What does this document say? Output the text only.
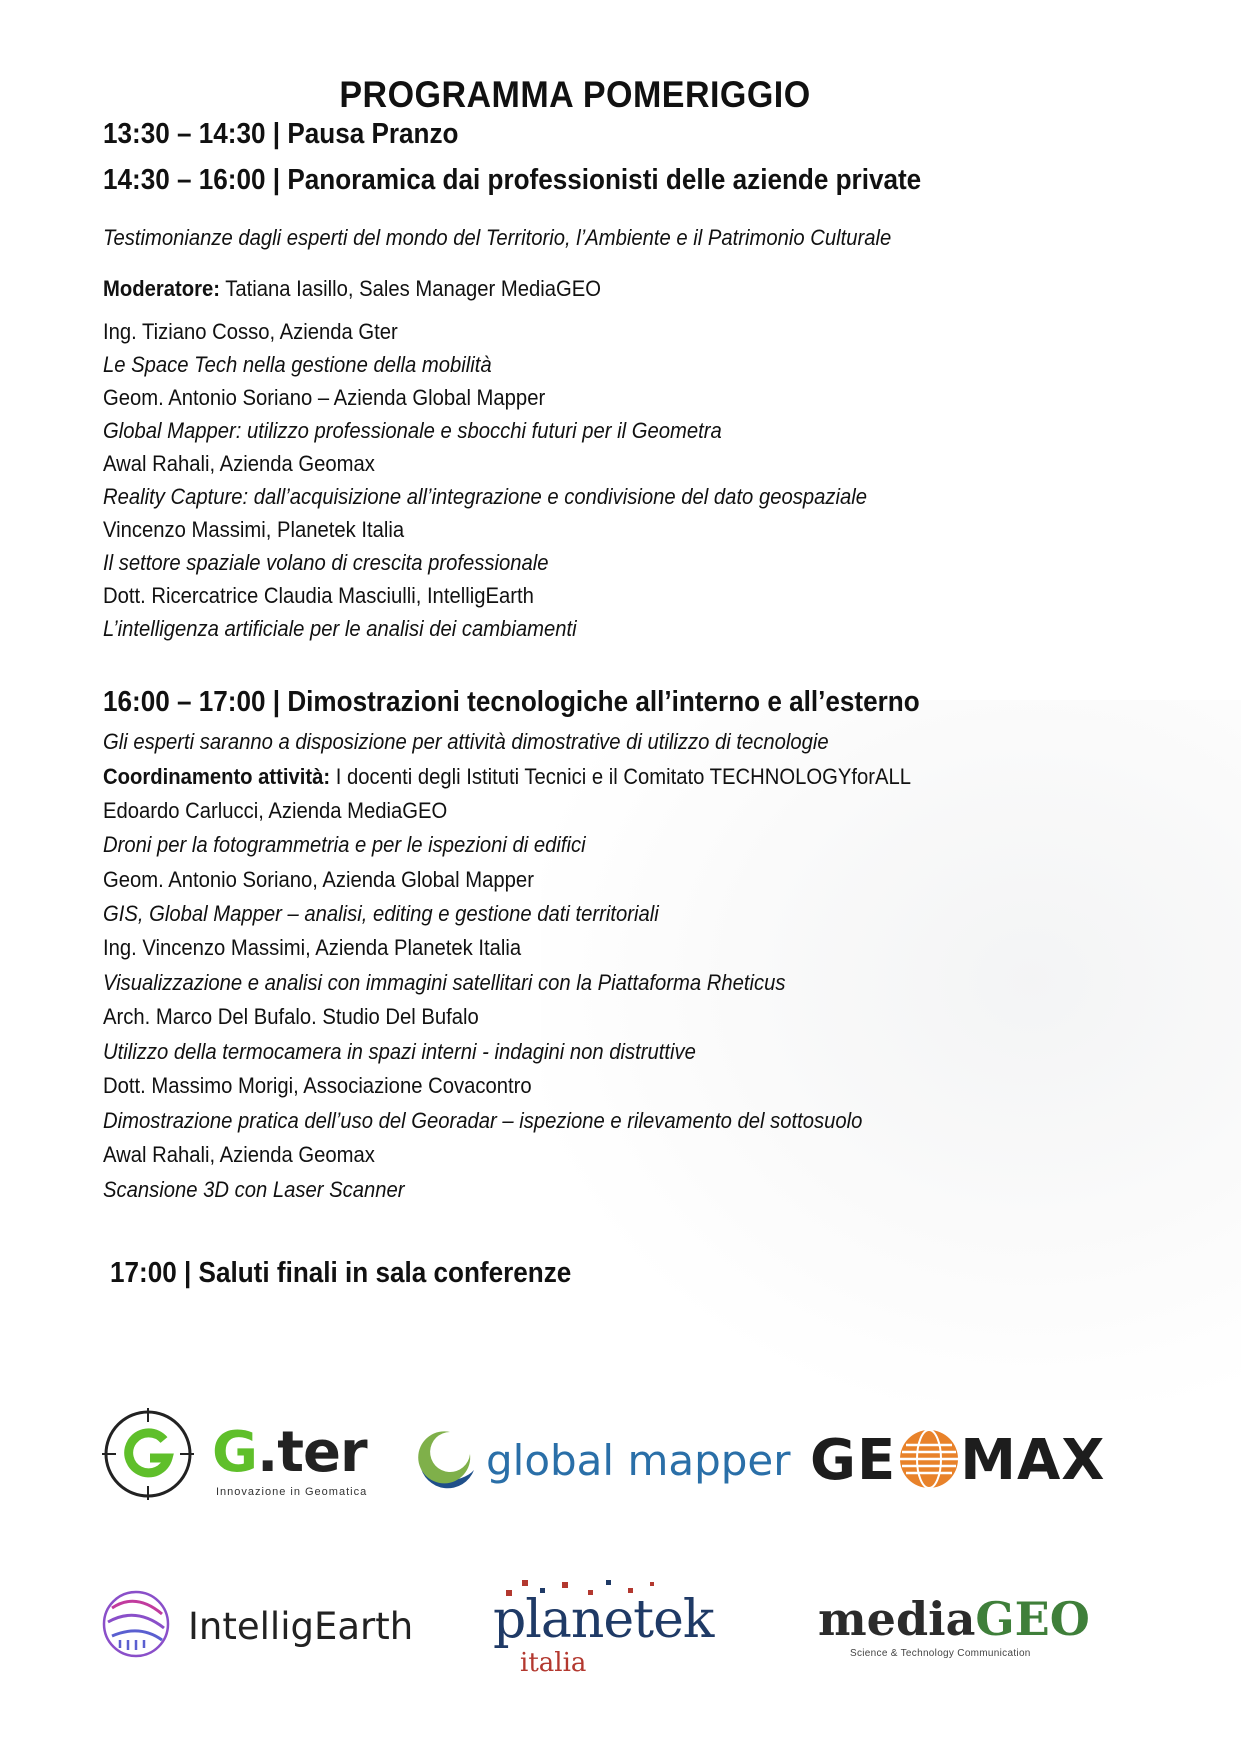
PROGRAMMA POMERIGGIO
13:30 – 14:30 | Pausa Pranzo
14:30 – 16:00 | Panoramica dai professionisti delle aziende private
Testimonianze dagli esperti del mondo del Territorio, l’Ambiente e il Patrimonio Culturale
Moderatore: Tatiana Iasillo, Sales Manager MediaGEO
Ing. Tiziano Cosso, Azienda Gter
Le Space Tech nella gestione della mobilità
Geom. Antonio Soriano – Azienda Global Mapper
Global Mapper: utilizzo professionale e sbocchi futuri per il Geometra
Awal Rahali, Azienda Geomax
Reality Capture: dall’acquisizione all’integrazione e condivisione del dato geospaziale
Vincenzo Massimi, Planetek Italia
Il settore spaziale volano di crescita professionale
Dott. Ricercatrice Claudia Masciulli, IntelligEarth
L’intelligenza artificiale per le analisi dei cambiamenti
16:00 – 17:00 | Dimostrazioni tecnologiche all’interno e all’esterno
Gli esperti saranno a disposizione per attività dimostrative di utilizzo di tecnologie
Coordinamento attività: I docenti degli Istituti Tecnici e il Comitato TECHNOLOGYforALL
Edoardo Carlucci, Azienda MediaGEO
Droni per la fotogrammetria e per le ispezioni di edifici
Geom. Antonio Soriano, Azienda Global Mapper
GIS, Global Mapper – analisi, editing e gestione dati territoriali
Ing. Vincenzo Massimi, Azienda Planetek Italia
Visualizzazione e analisi con immagini satellitari con la Piattaforma Rheticus
Arch. Marco Del Bufalo. Studio Del Bufalo
Utilizzo della termocamera in spazi interni - indagini non distruttive
Dott. Massimo Morigi, Associazione Covacontro
Dimostrazione pratica dell’uso del Georadar – ispezione e rilevamento del sottosuolo
Awal Rahali, Azienda Geomax
Scansione 3D con Laser Scanner
17:00 | Saluti finali in sala conferenze
G.ter
Innovazione in Geomatica
global mapper GE MAX
IntelligEarth planetek
italia
mediaGEO
Science & Technology Communication
